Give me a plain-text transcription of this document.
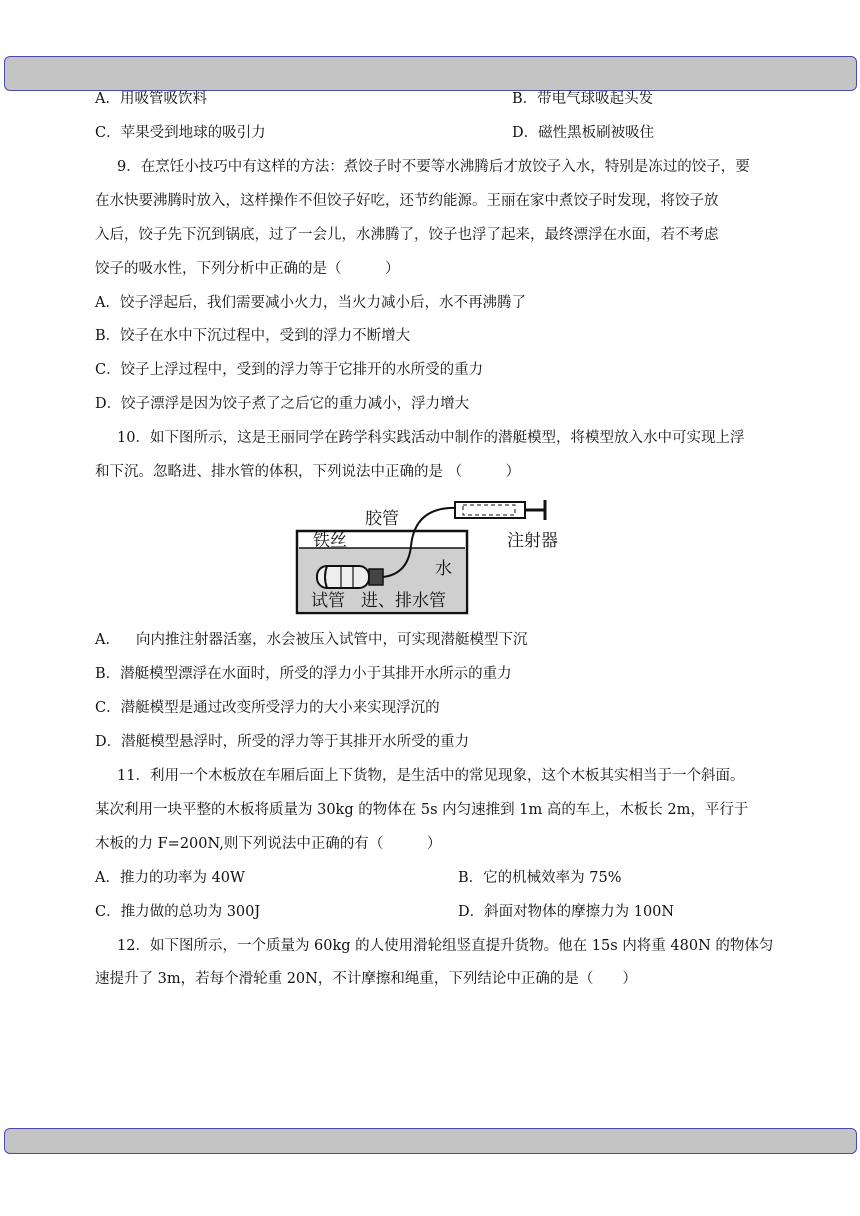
A．用吸管吸饮料	B．带电气球吸起头发
C．苹果受到地球的吸引力	D．磁性黑板刷被吸住
9．在烹饪小技巧中有这样的方法：煮饺子时不要等水沸腾后才放饺子入水，特别是冻过的饺子，要
在水快要沸腾时放入，这样操作不但饺子好吃，还节约能源。王丽在家中煮饺子时发现，将饺子放
入后，饺子先下沉到锅底，过了一会儿，水沸腾了，饺子也浮了起来，最终漂浮在水面，若不考虑
饺子的吸水性，下列分析中正确的是（　　　）
A．饺子浮起后，我们需要减小火力，当火力减小后，水不再沸腾了
B．饺子在水中下沉过程中，受到的浮力不断增大
C．饺子上浮过程中，受到的浮力等于它排开的水所受的重力
D．饺子漂浮是因为饺子煮了之后它的重力减小，浮力增大
10．如下图所示，这是王丽同学在跨学科实践活动中制作的潜艇模型，将模型放入水中可实现上浮
和下沉。忽略进、排水管的体积，下列说法中正确的是 （　　　）
胶管
注射器
铁丝
水
试管 进、排水管
A． 向内推注射器活塞，水会被压入试管中，可实现潜艇模型下沉
B．潜艇模型漂浮在水面时，所受的浮力小于其排开水所示的重力
C．潜艇模型是通过改变所受浮力的大小来实现浮沉的
D．潜艇模型悬浮时，所受的浮力等于其排开水所受的重力
11．利用一个木板放在车厢后面上下货物，是生活中的常见现象，这个木板其实相当于一个斜面。
某次利用一块平整的木板将质量为 30kg 的物体在 5s 内匀速推到 1m 高的车上，木板长 2m，平行于
木板的力 F=200N,则下列说法中正确的有（　　　）
A．推力的功率为 40W	B．它的机械效率为 75%
C．推力做的总功为 300J	D．斜面对物体的摩擦力为 100N
12．如下图所示，一个质量为 60kg 的人使用滑轮组竖直提升货物。他在 15s 内将重 480N 的物体匀
速提升了 3m，若每个滑轮重 20N，不计摩擦和绳重，下列结论中正确的是（　　）
